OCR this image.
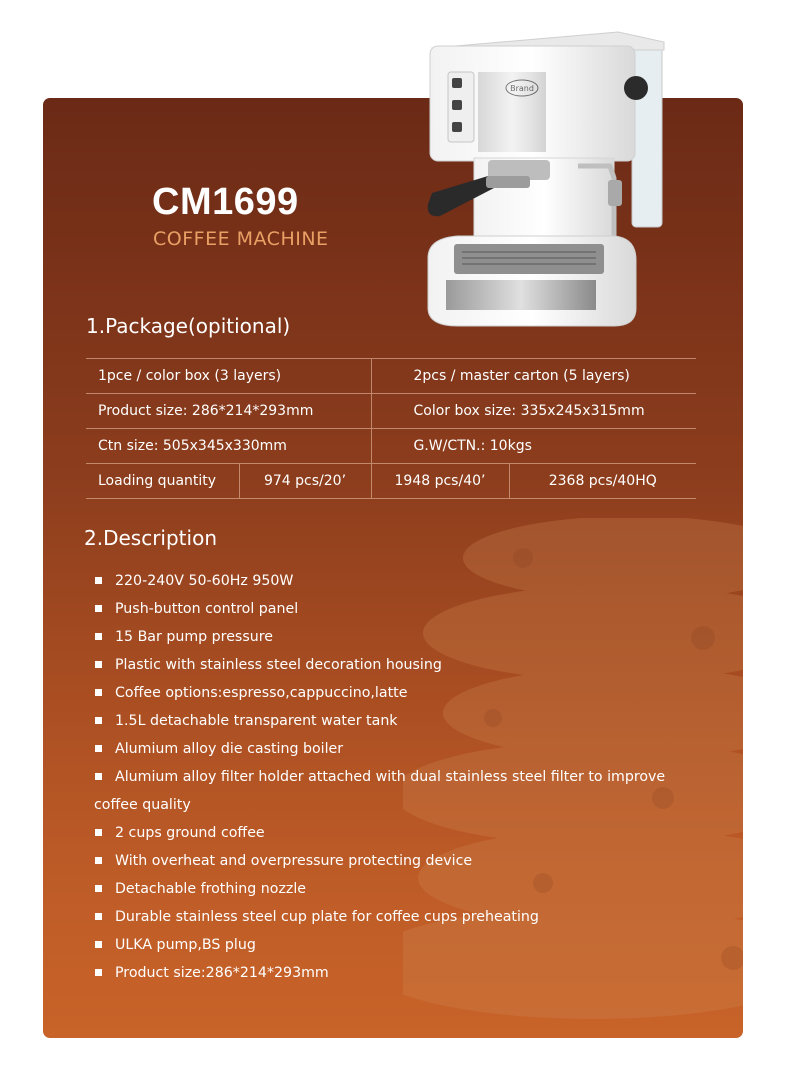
Brand
CM1699
COFFEE MACHINE
1.Package(opitional)
1pce / color box (3 layers)		2pcs / master carton (5 layers)	
Product size: 286*214*293mm		Color box size: 335x245x315mm	
Ctn size: 505x345x330mm		G.W/CTN.: 10kgs	
Loading quantity	974 pcs/20’	1948 pcs/40’	2368 pcs/40HQ
2.Description
220-240V 50-60Hz 950W
Push-button control panel
15 Bar pump pressure
Plastic with stainless steel decoration housing
Coffee options:espresso,cappuccino,latte
1.5L detachable transparent water tank
Alumium alloy die casting boiler
Alumium alloy filter holder attached with dual stainless steel filter to improve coffee quality
2 cups ground coffee
With overheat and overpressure protecting device
Detachable frothing nozzle
Durable stainless steel cup plate for coffee cups preheating
ULKA pump,BS plug
Product size:286*214*293mm
